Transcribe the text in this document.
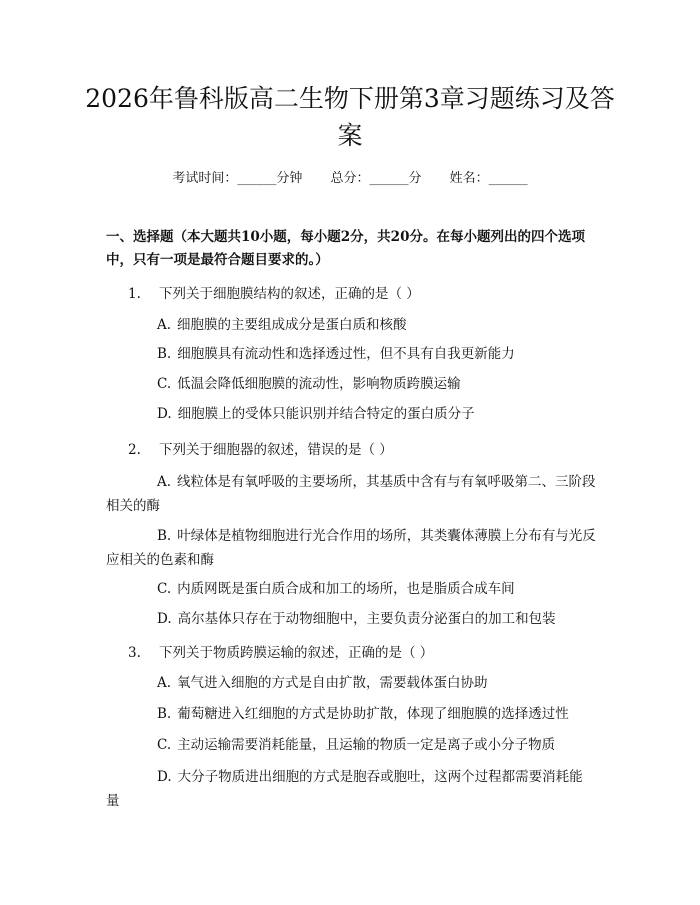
2026年鲁科版高二生物下册第3章习题练习及答案
考试时间：______分钟 总分：______分 姓名：______

一、选择题（本大题共10小题，每小题2分，共20分。在每小题列出的四个选项中，只有一项是最符合题目要求的。）

1. 下列关于细胞膜结构的叙述，正确的是（ ）
A. 细胞膜的主要组成成分是蛋白质和核酸
B. 细胞膜具有流动性和选择透过性，但不具有自我更新能力
C. 低温会降低细胞膜的流动性，影响物质跨膜运输
D. 细胞膜上的受体只能识别并结合特定的蛋白质分子
2. 下列关于细胞器的叙述，错误的是（ ）
A. 线粒体是有氧呼吸的主要场所，其基质中含有与有氧呼吸第二、三阶段相关的酶
B. 叶绿体是植物细胞进行光合作用的场所，其类囊体薄膜上分布有与光反应相关的色素和酶
C. 内质网既是蛋白质合成和加工的场所，也是脂质合成车间
D. 高尔基体只存在于动物细胞中，主要负责分泌蛋白的加工和包装
3. 下列关于物质跨膜运输的叙述，正确的是（ ）
A. 氧气进入细胞的方式是自由扩散，需要载体蛋白协助
B. 葡萄糖进入红细胞的方式是协助扩散，体现了细胞膜的选择透过性
C. 主动运输需要消耗能量，且运输的物质一定是离子或小分子物质
D. 大分子物质进出细胞的方式是胞吞或胞吐，这两个过程都需要消耗能量
